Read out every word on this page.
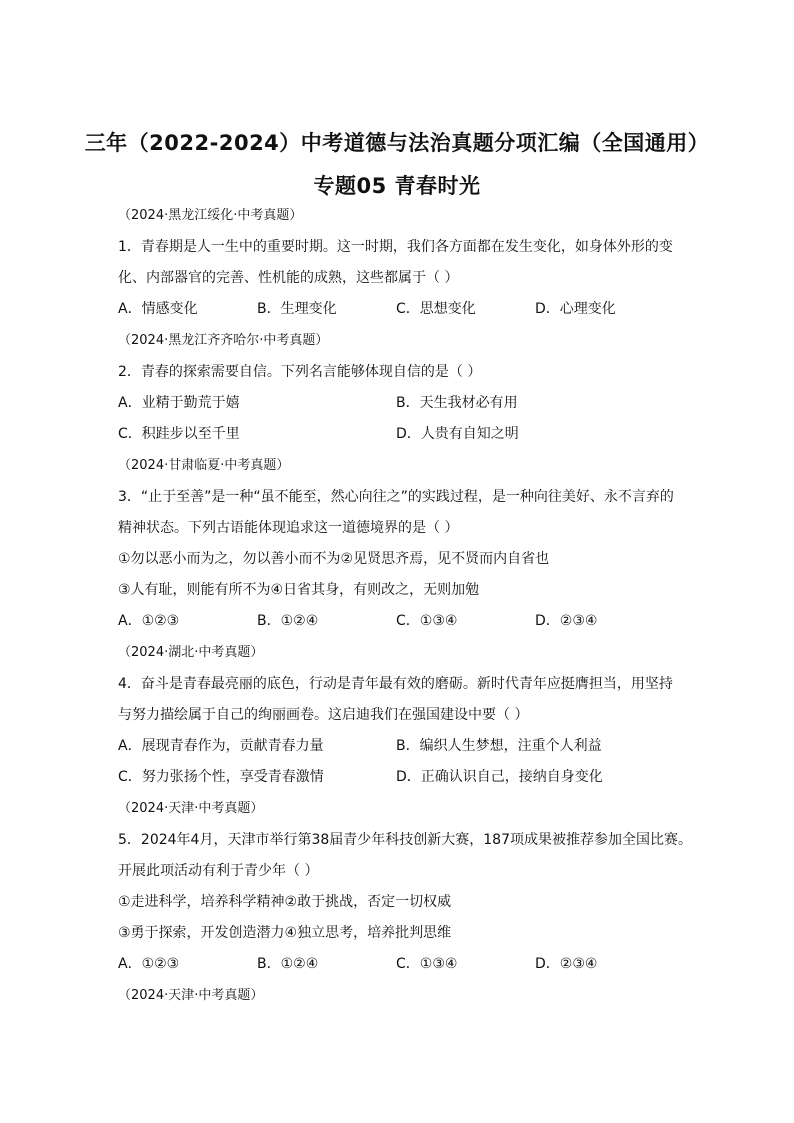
三年（2022-2024）中考道德与法治真题分项汇编（全国通用）
专题05 青春时光
（2024·黑龙江绥化·中考真题）
1．青春期是人一生中的重要时期。这一时期，我们各方面都在发生变化，如身体外形的变
化、内部器官的完善、性机能的成熟，这些都属于（ ）
A．情感变化	B．生理变化	C．思想变化	D．心理变化
（2024·黑龙江齐齐哈尔·中考真题）
2．青春的探索需要自信。下列名言能够体现自信的是（ ）
A．业精于勤荒于嬉	B．天生我材必有用
C．积跬步以至千里	D．人贵有自知之明
（2024·甘肃临夏·中考真题）
3．“止于至善”是一种“虽不能至，然心向往之”的实践过程，是一种向往美好、永不言弃的
精神状态。下列古语能体现追求这一道德境界的是（ ）
①勿以恶小而为之，勿以善小而不为②见贤思齐焉，见不贤而内自省也
③人有耻，则能有所不为④日省其身，有则改之，无则加勉
A．①②③	B．①②④	C．①③④	D．②③④
（2024·湖北·中考真题）
4．奋斗是青春最亮丽的底色，行动是青年最有效的磨砺。新时代青年应挺膺担当，用坚持
与努力描绘属于自己的绚丽画卷。这启迪我们在强国建设中要（ ）
A．展现青春作为，贡献青春力量	B．编织人生梦想，注重个人利益
C．努力张扬个性，享受青春激情	D．正确认识自己，接纳自身变化
（2024·天津·中考真题）
5．2024年4月，天津市举行第38届青少年科技创新大赛，187项成果被推荐参加全国比赛。
开展此项活动有利于青少年（ ）
①走进科学，培养科学精神②敢于挑战，否定一切权威
③勇于探索，开发创造潜力④独立思考，培养批判思维
A．①②③	B．①②④	C．①③④	D．②③④
（2024·天津·中考真题）
